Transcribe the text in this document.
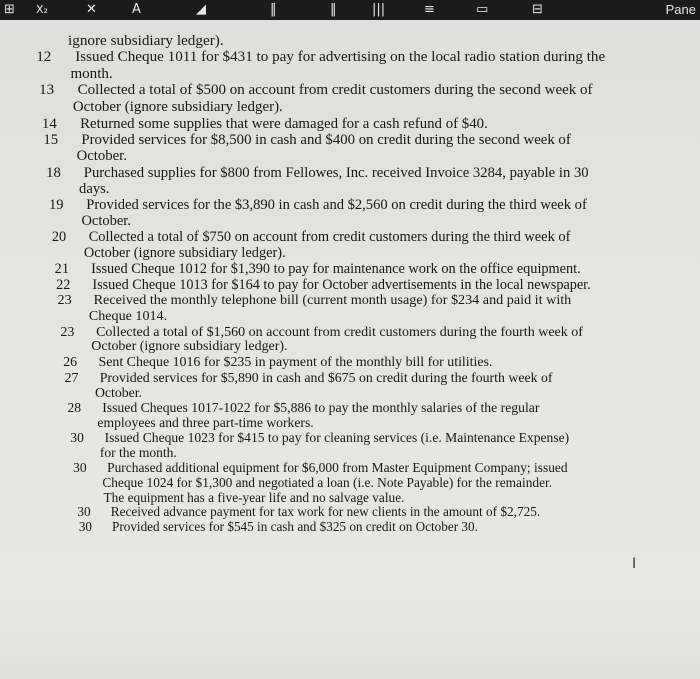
⊞ X₂	✕	A	◢	‖	‖	|||	≡	▭	⊟	Pane
ignore subsidiary ledger).
12 Issued Cheque 1011 for $431 to pay for advertising on the local radio station during the
month.
13 Collected a total of $500 on account from credit customers during the second week of
October (ignore subsidiary ledger).
14 Returned some supplies that were damaged for a cash refund of $40.
15 Provided services for $8,500 in cash and $400 on credit during the second week of
October.
18 Purchased supplies for $800 from Fellowes, Inc. received Invoice 3284, payable in 30
days.
19 Provided services for the $3,890 in cash and $2,560 on credit during the third week of
October.
20 Collected a total of $750 on account from credit customers during the third week of
October (ignore subsidiary ledger).
21 Issued Cheque 1012 for $1,390 to pay for maintenance work on the office equipment.
22 Issued Cheque 1013 for $164 to pay for October advertisements in the local newspaper.
23 Received the monthly telephone bill (current month usage) for $234 and paid it with
Cheque 1014.
23 Collected a total of $1,560 on account from credit customers during the fourth week of
October (ignore subsidiary ledger).
26 Sent Cheque 1016 for $235 in payment of the monthly bill for utilities.
27 Provided services for $5,890 in cash and $675 on credit during the fourth week of
October.
28 Issued Cheques 1017-1022 for $5,886 to pay the monthly salaries of the regular
employees and three part-time workers.
30 Issued Cheque 1023 for $415 to pay for cleaning services (i.e. Maintenance Expense)
for the month.
30 Purchased additional equipment for $6,000 from Master Equipment Company; issued
Cheque 1024 for $1,300 and negotiated a loan (i.e. Note Payable) for the remainder.
The equipment has a five-year life and no salvage value.
30 Received advance payment for tax work for new clients in the amount of $2,725.
30 Provided services for $545 in cash and $325 on credit on October 30.
I
